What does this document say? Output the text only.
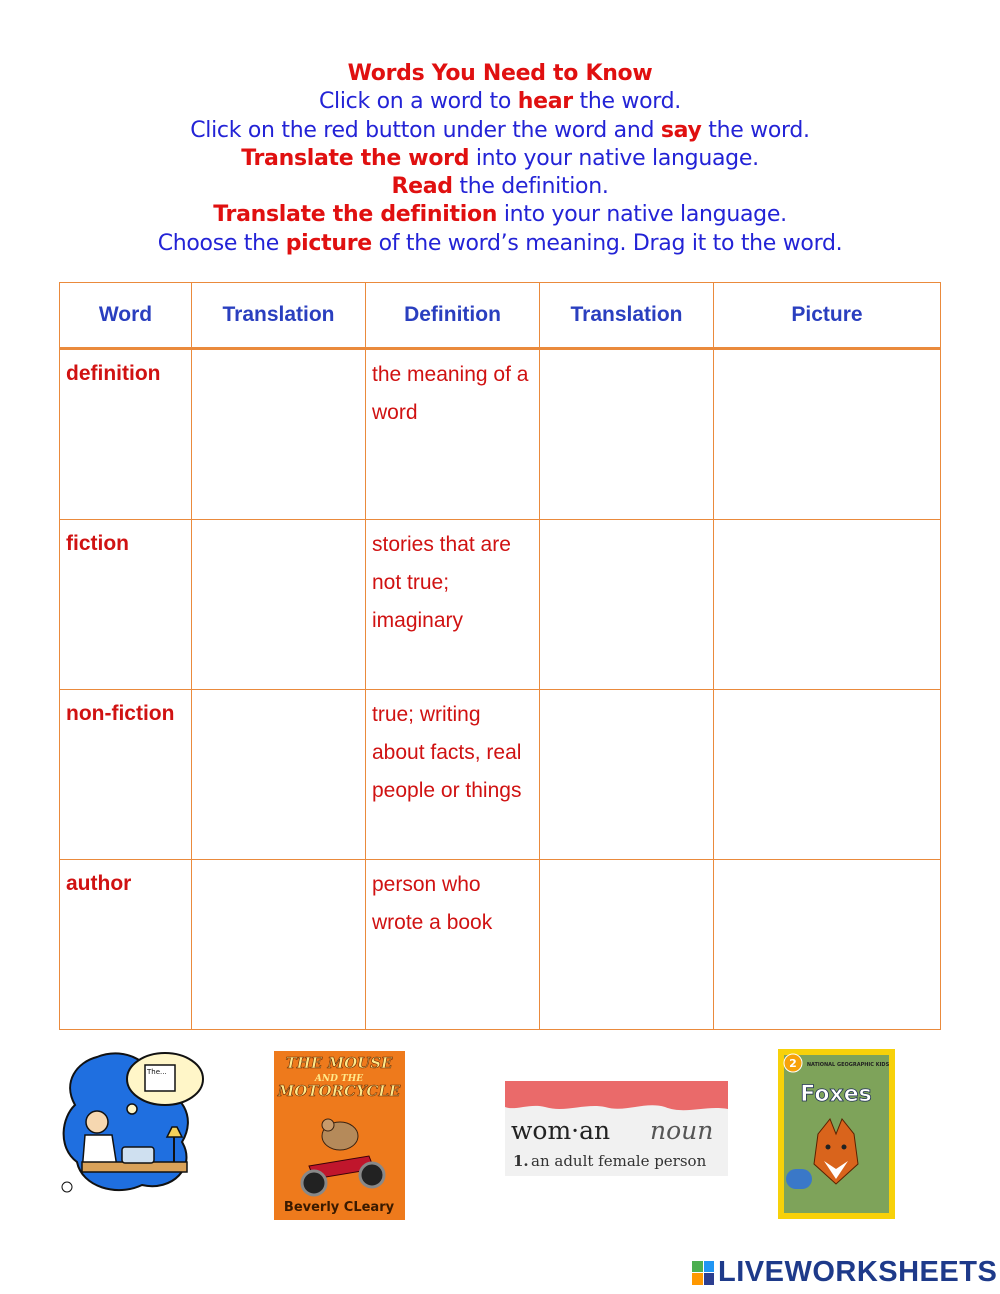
Words You Need to Know
Click on a word to hear the word.
Click on the red button under the word and say the word.
Translate the word into your native language.
Read the definition.
Translate the definition into your native language.
Choose the picture of the word’s meaning. Drag it to the word.
Word	Translation	Definition	Translation	Picture

definition		the meaning of a word		

fiction		stories that are not true; imaginary		

non-fiction		true; writing about facts, real people or things		

author		person who wrote a book		

The...	THE MOUSE
AND THE
MOTORCYCLE
Beverly CLeary
wom·an noun
1. an adult female person
2 NATIONAL GEOGRAPHIC KIDS
Foxes
LIVEWORKSHEETS
